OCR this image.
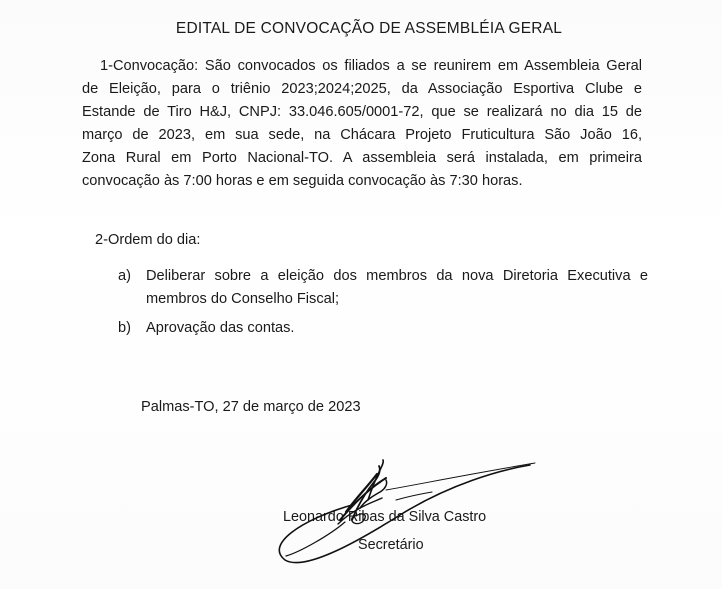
EDITAL DE CONVOCAÇÃO DE ASSEMBLÉIA GERAL
1-Convocação: São convocados os filiados a se reunirem em Assembleia Geral
de Eleição, para o triênio 2023;2024;2025, da Associação Esportiva Clube e
Estande de Tiro H&J, CNPJ: 33.046.605/0001-72, que se realizará no dia 15 de
março de 2023, em sua sede, na Chácara Projeto Fruticultura São João 16,
Zona Rural em Porto Nacional-TO. A assembleia será instalada, em primeira
convocação às 7:00 horas e em seguida convocação às 7:30 horas.
2-Ordem do dia:
a) Deliberar sobre a eleição dos membros da nova Diretoria Executiva e
membros do Conselho Fiscal;
b) Aprovação das contas.
Palmas-TO, 27 de março de 2023
Leonardo Ribas da Silva Castro
Secretário
